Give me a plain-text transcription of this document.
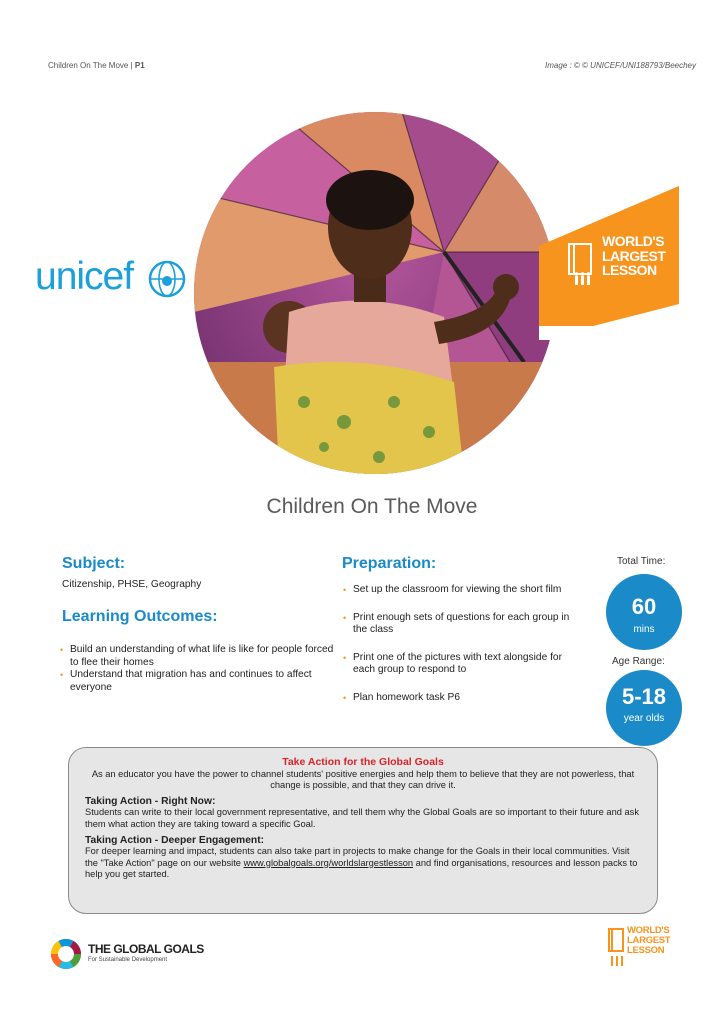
Children On The Move | P1	Image : © © UNICEF/UNI188793/Beechey
unicef
WORLD'S
LARGEST
LESSON
Children On The Move
Subject:
Citizenship, PHSE, Geography
Learning Outcomes:
• Build an understanding of what life is like for people forced to flee their homes
• Understand that migration has and continues to affect everyone
Preparation:
• Set up the classroom for viewing the short film
• Print enough sets of questions for each group in the class
• Print one of the pictures with text alongside for each group to respond to
• Plan homework task P6
Total Time:
60
mins
Age Range:
5-18
year olds
Take Action for the Global Goals
As an educator you have the power to channel students' positive energies and help them to believe that they are not powerless, that change is possible, and that they can drive it.
Taking Action - Right Now:
Students can write to their local government representative, and tell them why the Global Goals are so important to their future and ask them what action they are taking toward a specific Goal.
Taking Action - Deeper Engagement:
For deeper learning and impact, students can also take part in projects to make change for the Goals in their local communities. Visit the "Take Action" page on our website www.globalgoals.org/worldslargestlesson and find organisations, resources and lesson packs to help you get started.
THE GLOBAL GOALS
For Sustainable Development
WORLD'S
LARGEST
LESSON
